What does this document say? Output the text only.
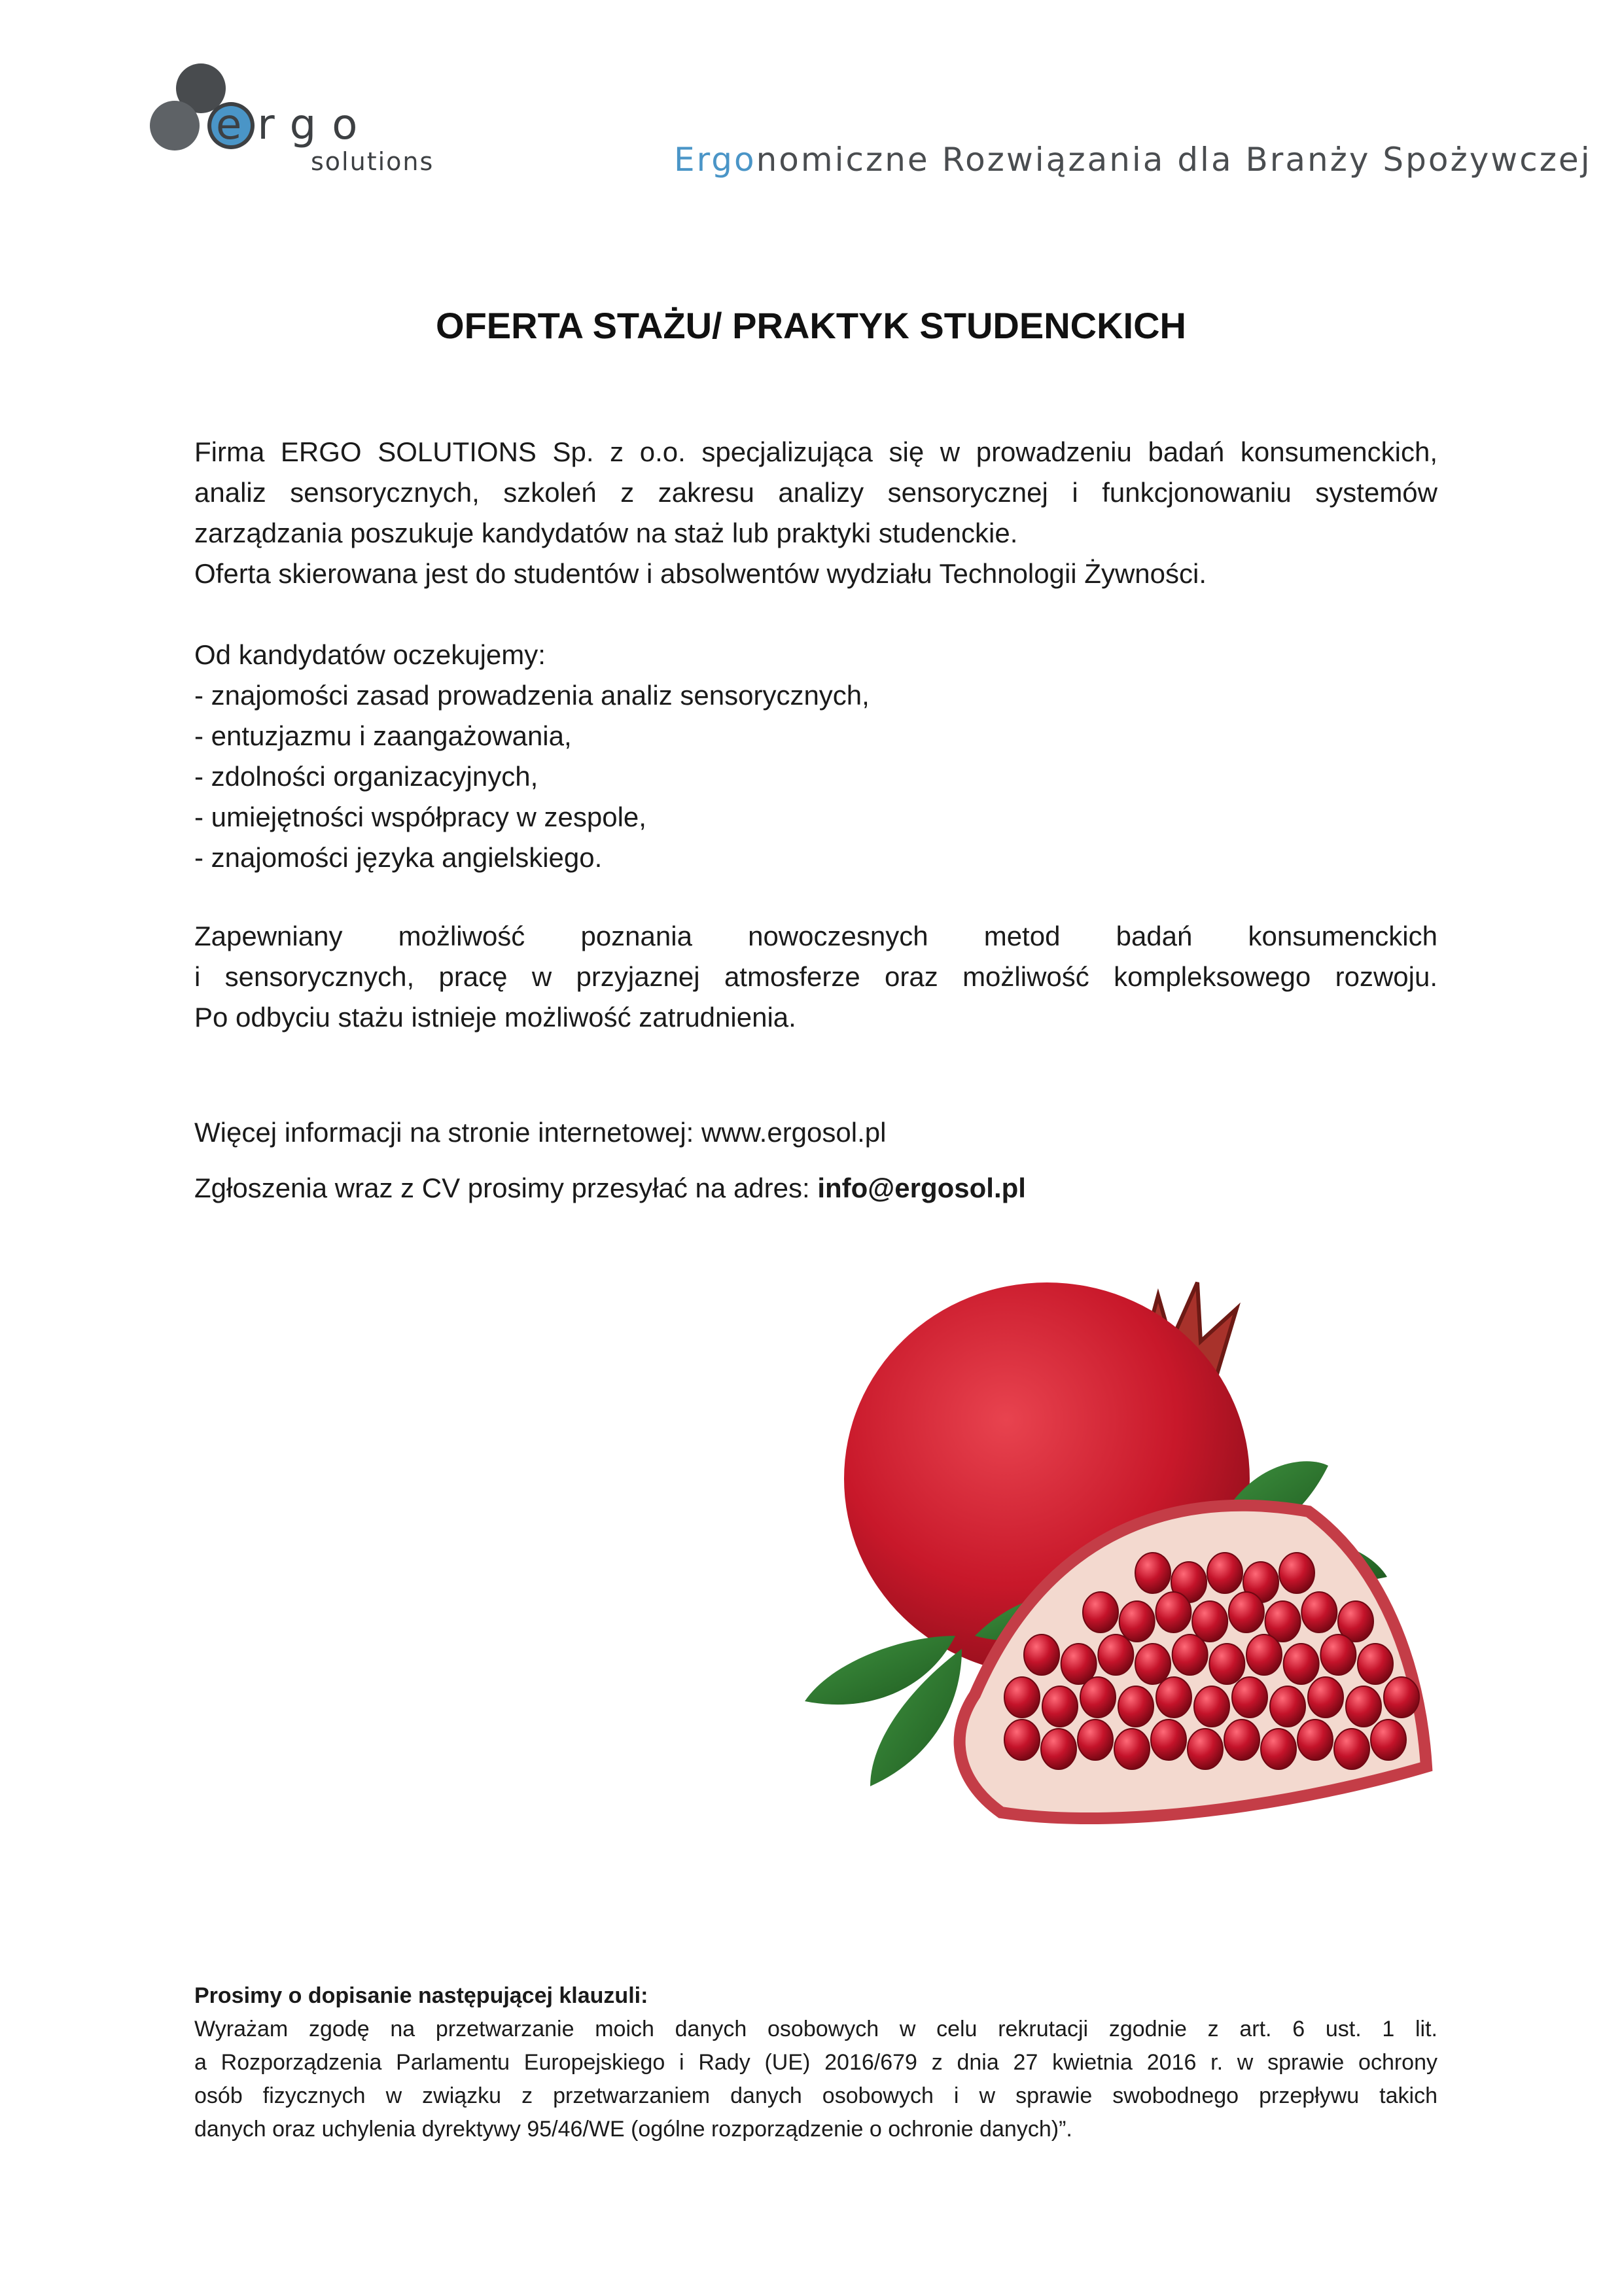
ergo
solutions	Ergonomiczne Rozwiązania dla Branży Spożywczej
OFERTA STAŻU/ PRAKTYK STUDENCKICH
Firma ERGO SOLUTIONS Sp. z o.o. specjalizująca się w prowadzeniu badań konsumenckich,
analiz sensorycznych, szkoleń z zakresu analizy sensorycznej i funkcjonowaniu systemów
zarządzania poszukuje kandydatów na staż lub praktyki studenckie.
Oferta skierowana jest do studentów i absolwentów wydziału Technologii Żywności.
Od kandydatów oczekujemy:
- znajomości zasad prowadzenia analiz sensorycznych,
- entuzjazmu i zaangażowania,
- zdolności organizacyjnych,
- umiejętności współpracy w zespole,
- znajomości języka angielskiego.
Zapewniany możliwość poznania nowoczesnych metod badań konsumenckich
i sensorycznych, pracę w przyjaznej atmosferze oraz możliwość kompleksowego rozwoju.
Po odbyciu stażu istnieje możliwość zatrudnienia.
Więcej informacji na stronie internetowej: www.ergosol.pl
Zgłoszenia wraz z CV prosimy przesyłać na adres: info@ergosol.pl
Prosimy o dopisanie następującej klauzuli:
Wyrażam zgodę na przetwarzanie moich danych osobowych w celu rekrutacji zgodnie z art. 6 ust. 1 lit.
a Rozporządzenia Parlamentu Europejskiego i Rady (UE) 2016/679 z dnia 27 kwietnia 2016 r. w sprawie ochrony
osób fizycznych w związku z przetwarzaniem danych osobowych i w sprawie swobodnego przepływu takich
danych oraz uchylenia dyrektywy 95/46/WE (ogólne rozporządzenie o ochronie danych)”.
